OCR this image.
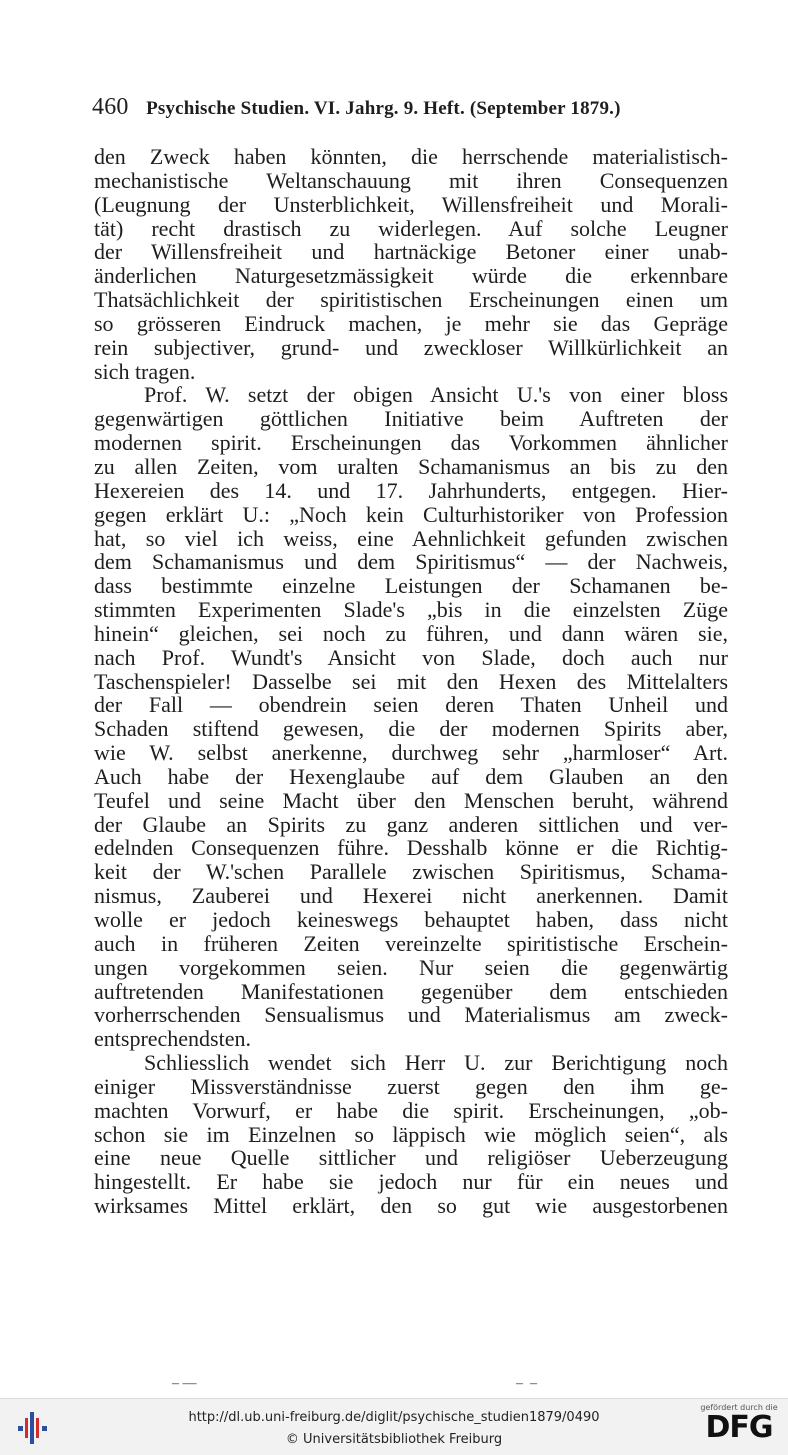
460 Psychische Studien. VI. Jahrg. 9. Heft. (September 1879.)
den Zweck haben könnten, die herrschende materialistisch-
mechanistische Weltanschauung mit ihren Consequenzen
(Leugnung der Unsterblichkeit, Willensfreiheit und Morali-
tät) recht drastisch zu widerlegen. Auf solche Leugner
der Willensfreiheit und hartnäckige Betoner einer unab-
änderlichen Naturgesetzmässigkeit würde die erkennbare
Thatsächlichkeit der spiritistischen Erscheinungen einen um
so grösseren Eindruck machen, je mehr sie das Gepräge
rein subjectiver, grund- und zweckloser Willkürlichkeit an
sich tragen.
Prof. W. setzt der obigen Ansicht U.'s von einer bloss
gegenwärtigen göttlichen Initiative beim Auftreten der
modernen spirit. Erscheinungen das Vorkommen ähnlicher
zu allen Zeiten, vom uralten Schamanismus an bis zu den
Hexereien des 14. und 17. Jahrhunderts, entgegen. Hier-
gegen erklärt U.: „Noch kein Culturhistoriker von Profession
hat, so viel ich weiss, eine Aehnlichkeit gefunden zwischen
dem Schamanismus und dem Spiritismus“ — der Nachweis,
dass bestimmte einzelne Leistungen der Schamanen be-
stimmten Experimenten Slade's „bis in die einzelsten Züge
hinein“ gleichen, sei noch zu führen, und dann wären sie,
nach Prof. Wundt's Ansicht von Slade, doch auch nur
Taschenspieler! Dasselbe sei mit den Hexen des Mittelalters
der Fall — obendrein seien deren Thaten Unheil und
Schaden stiftend gewesen, die der modernen Spirits aber,
wie W. selbst anerkenne, durchweg sehr „harmloser“ Art.
Auch habe der Hexenglaube auf dem Glauben an den
Teufel und seine Macht über den Menschen beruht, während
der Glaube an Spirits zu ganz anderen sittlichen und ver-
edelnden Consequenzen führe. Desshalb könne er die Richtig-
keit der W.'schen Parallele zwischen Spiritismus, Schama-
nismus, Zauberei und Hexerei nicht anerkennen. Damit
wolle er jedoch keineswegs behauptet haben, dass nicht
auch in früheren Zeiten vereinzelte spiritistische Erschein-
ungen vorgekommen seien. Nur seien die gegenwärtig
auftretenden Manifestationen gegenüber dem entschieden
vorherrschenden Sensualismus und Materialismus am zweck-
entsprechendsten.
Schliesslich wendet sich Herr U. zur Berichtigung noch
einiger Missverständnisse zuerst gegen den ihm ge-
machten Vorwurf, er habe die spirit. Erscheinungen, „ob-
schon sie im Einzelnen so läppisch wie möglich seien“, als
eine neue Quelle sittlicher und religiöser Ueberzeugung
hingestellt. Er habe sie jedoch nur für ein neues und
wirksames Mittel erklärt, den so gut wie ausgestorbenen
– —	–  –
http://dl.ub.uni-freiburg.de/diglit/psychische_studien1879/0490
© Universitätsbibliothek Freiburg
gefördert durch die
DFG
